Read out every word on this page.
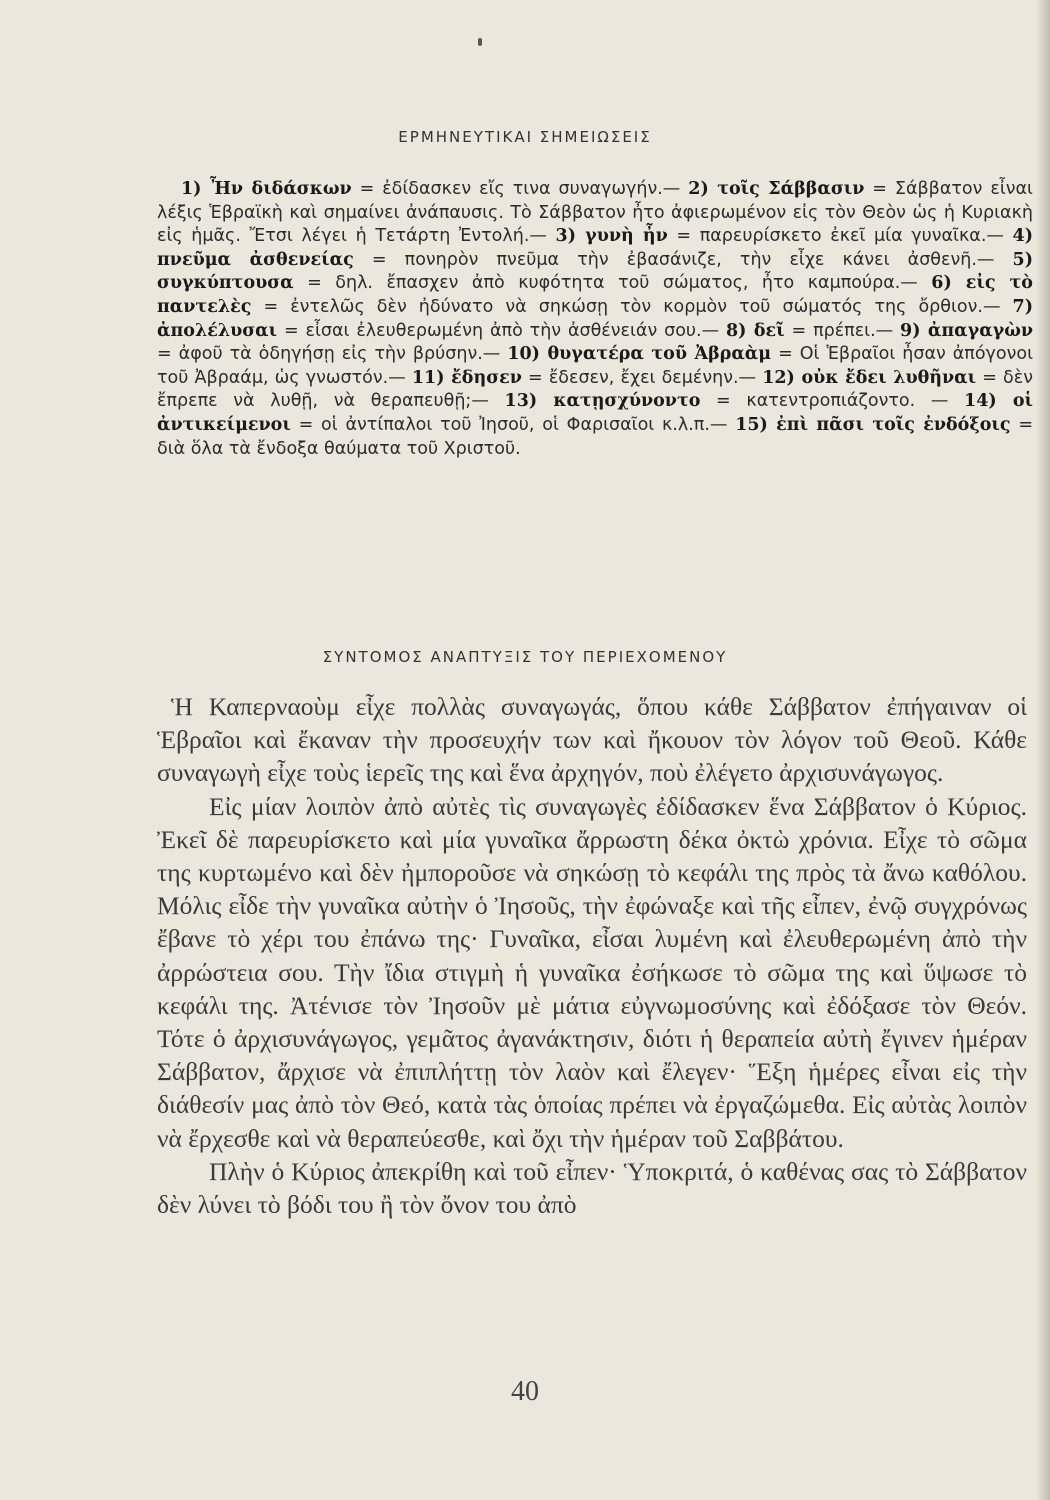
ΕΡΜΗΝΕΥΤΙΚΑΙ ΣΗΜΕΙΩΣΕΙΣ

1) Ἦν διδάσκων = ἐδίδασκεν εἴς τινα συναγωγήν.— 2) τοῖς Σάββασιν = Σάββατον εἶναι λέξις Ἑβραϊκὴ καὶ σημαίνει ἀνάπαυσις. Τὸ Σάββατον ἦτο ἀφιερωμένον εἰς τὸν Θεὸν ὡς ἡ Κυριακὴ εἰς ἡμᾶς. Ἔτσι λέγει ἡ Τετάρτη Ἐντολή.— 3) γυνὴ ἦν = παρευρίσκετο ἐκεῖ μία γυναῖκα.— 4) πνεῦμα ἀσθενείας = πονηρὸν πνεῦμα τὴν ἐβασάνιζε, τὴν εἶχε κάνει ἀσθενῆ.— 5) συγκύπτουσα = δηλ. ἔπασχεν ἀπὸ κυφότητα τοῦ σώματος, ἦτο καμπούρα.— 6) εἰς τὸ παντελὲς = ἐντελῶς δὲν ἠδύνατο νὰ σηκώσῃ τὸν κορμὸν τοῦ σώματός της ὄρθιον.— 7) ἀπολέλυσαι = εἶσαι ἐλευθερωμένη ἀπὸ τὴν ἀσθένειάν σου.— 8) δεῖ = πρέπει.— 9) ἀπαγαγὼν = ἀφοῦ τὰ ὁδηγήσῃ εἰς τὴν βρύσην.— 10) θυγατέρα τοῦ Ἀβραὰμ = Οἱ Ἑβραῖοι ἦσαν ἀπόγονοι τοῦ Ἀβραάμ, ὡς γνωστόν.— 11) ἔδησεν = ἔδεσεν, ἔχει δεμένην.— 12) οὐκ ἔδει λυθῆναι = δὲν ἔπρεπε νὰ λυθῇ, νὰ θεραπευθῇ;— 13) κατῃσχύνοντο = κατεντροπιάζοντο. — 14) οἱ ἀντικείμενοι = οἱ ἀντίπαλοι τοῦ Ἰησοῦ, οἱ Φαρισαῖοι κ.λ.π.— 15) ἐπὶ πᾶσι τοῖς ἐνδόξοις = διὰ ὅλα τὰ ἔνδοξα θαύματα τοῦ Χριστοῦ.

ΣΥΝΤΟΜΟΣ ΑΝΑΠΤΥΞΙΣ ΤΟΥ ΠΕΡΙΕΧΟΜΕΝΟΥ

Ἡ Καπερναοὺμ εἶχε πολλὰς συναγωγάς, ὅπου κάθε Σάββατον ἐπήγαιναν οἱ Ἑβραῖοι καὶ ἔκαναν τὴν προσευχήν των καὶ ἤκουον τὸν λόγον τοῦ Θεοῦ. Κάθε συναγωγὴ εἶχε τοὺς ἱερεῖς της καὶ ἕνα ἀρχηγόν, ποὺ ἐλέγετο ἀρχισυνάγωγος.

Εἰς μίαν λοιπὸν ἀπὸ αὐτὲς τὶς συναγωγὲς ἐδίδασκεν ἕνα Σάββατον ὁ Κύριος. Ἐκεῖ δὲ παρευρίσκετο καὶ μία γυναῖκα ἄρρωστη δέκα ὀκτὼ χρόνια. Εἶχε τὸ σῶμα της κυρτωμένο καὶ δὲν ἠμποροῦσε νὰ σηκώσῃ τὸ κεφάλι της πρὸς τὰ ἄνω καθόλου. Μόλις εἶδε τὴν γυναῖκα αὐτὴν ὁ Ἰησοῦς, τὴν ἐφώναξε καὶ τῆς εἶπεν, ἐνῷ συγχρόνως ἔβανε τὸ χέρι του ἐπάνω της· Γυναῖκα, εἶσαι λυμένη καὶ ἐλευθερωμένη ἀπὸ τὴν ἀρρώστεια σου. Τὴν ἴδια στιγμὴ ἡ γυναῖκα ἐσήκωσε τὸ σῶμα της καὶ ὕψωσε τὸ κεφάλι της. Ἀτένισε τὸν Ἰησοῦν μὲ μάτια εὐγνωμοσύνης καὶ ἐδόξασε τὸν Θεόν. Τότε ὁ ἀρχισυνάγωγος, γεμᾶτος ἀγανάκτησιν, διότι ἡ θεραπεία αὐτὴ ἔγινεν ἡμέραν Σάββατον, ἄρχισε νὰ ἐπιπλήττῃ τὸν λαὸν καὶ ἔλεγεν· Ἕξη ἡμέρες εἶναι εἰς τὴν διάθεσίν μας ἀπὸ τὸν Θεό, κατὰ τὰς ὁποίας πρέπει νὰ ἐργαζώμεθα. Εἰς αὐτὰς λοιπὸν νὰ ἔρχεσθε καὶ νὰ θεραπεύεσθε, καὶ ὄχι τὴν ἡμέραν τοῦ Σαββάτου.

Πλὴν ὁ Κύριος ἀπεκρίθη καὶ τοῦ εἶπεν· Ὑποκριτά, ὁ καθένας σας τὸ Σάββατον δὲν λύνει τὸ βόδι του ἢ τὸν ὄνον του ἀπὸ

40
